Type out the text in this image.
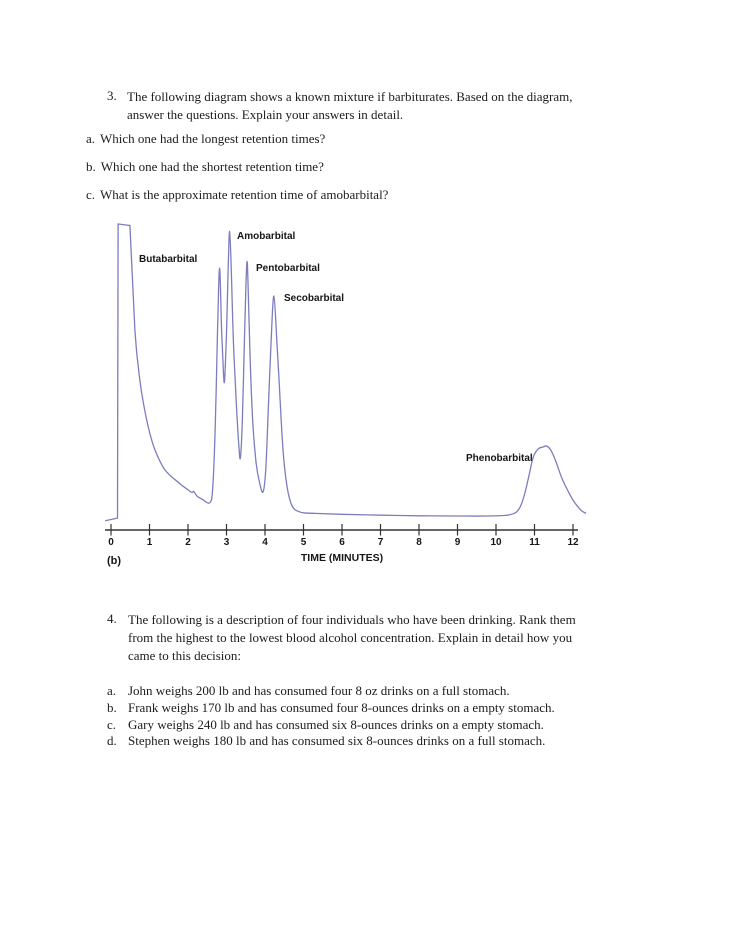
3. The following diagram shows a known mixture if barbiturates. Based on the diagram,
answer the questions. Explain your answers in detail.
a. Which one had the longest retention times?
b. Which one had the shortest retention time?
c. What is the approximate retention time of amobarbital?
0	1	2	3	4	5	6	7	8	9	10	11	12
Butabarbital
Amobarbital
Pentobarbital
Secobarbital
Phenobarbital
TIME (MINUTES)
(b)
4. The following is a description of four individuals who have been drinking. Rank them
from the highest to the lowest blood alcohol concentration. Explain in detail how you
came to this decision:
a. John weighs 200 lb and has consumed four 8 oz drinks on a full stomach.
b. Frank weighs 170 lb and has consumed four 8-ounces drinks on a empty stomach.
c. Gary weighs 240 lb and has consumed six 8-ounces drinks on a empty stomach.
d. Stephen weighs 180 lb and has consumed six 8-ounces drinks on a full stomach.
